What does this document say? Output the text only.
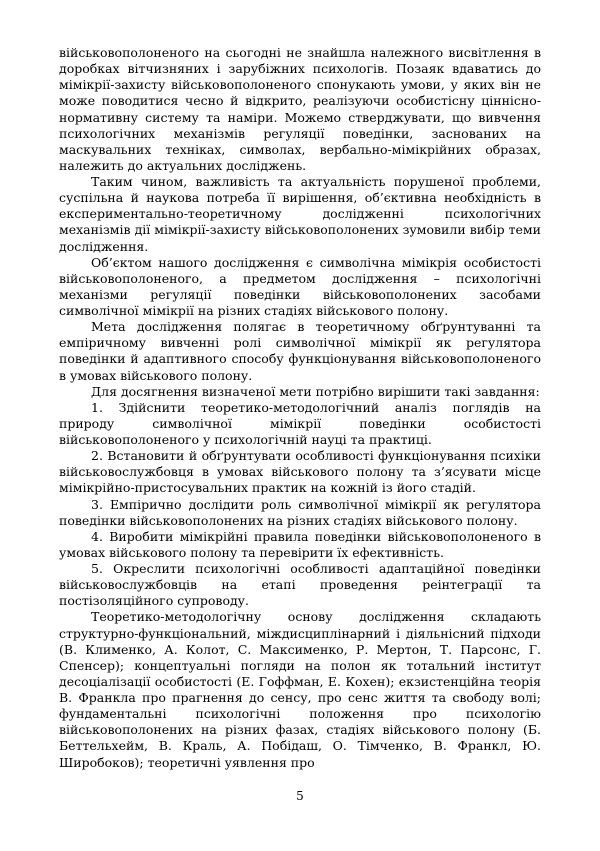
військовополоненого на сьогодні не знайшла належного висвітлення в доробках вітчизняних і зарубіжних психологів. Позаяк вдаватись до мімікрії-захисту військовополоненого спонукають умови, у яких він не може поводитися чесно й відкрито, реалізуючи особистісну ціннісно-нормативну систему та наміри. Можемо стверджувати, що вивчення психологічних механізмів регуляції поведінки, заснованих на маскувальних техніках, символах, вербально-мімікрійних образах, належить до актуальних досліджень.

Таким чином, важливість та актуальність порушеної проблеми, суспільна й наукова потреба її вирішення, об’єктивна необхідність в експериментально-теоретичному дослідженні психологічних механізмів дії мімікрії-захисту військовополонених зумовили вибір теми дослідження.

Об’єктом нашого дослідження є символічна мімікрія особистості військовополоненого, а предметом дослідження – психологічні механізми регуляції поведінки військовополонених засобами символічної мімікрії на різних стадіях військового полону.

Мета дослідження полягає в теоретичному обґрунтуванні та емпіричному вивченні ролі символічної мімікрії як регулятора поведінки й адаптивного способу функціонування військовополоненого в умовах військового полону.

Для досягнення визначеної мети потрібно вирішити такі завдання:

1. Здійснити теоретико-методологічний аналіз поглядів на природу символічної мімікрії поведінки особистості військовополоненого у психологічній науці та практиці.

2. Встановити й обґрунтувати особливості функціонування психіки військовослужбовця в умовах військового полону та з’ясувати місце мімікрійно-пристосувальних практик на кожній із його стадій.

3. Емпірично дослідити роль символічної мімікрії як регулятора поведінки військовополонених на різних стадіях військового полону.

4. Виробити мімікрійні правила поведінки військовополоненого в умовах військового полону та перевірити їх ефективність.

5. Окреслити психологічні особливості адаптаційної поведінки військовослужбовців на етапі проведення реінтеграції та постізоляційного супроводу.

Теоретико-методологічну основу дослідження складають структурно-функціональний, міждисциплінарний і діяльнісний підходи (В. Клименко, А. Колот, С. Максименко, Р. Мертон, Т. Парсонс, Г. Спенсер); концептуальні погляди на полон як тотальний інститут десоціалізації особистості (Е. Гоффман, Е. Кохен); екзистенційна теорія В. Франкла про прагнення до сенсу, про сенс життя та свободу волі; фундаментальні психологічні положення про психологію військовополонених на різних фазах, стадіях військового полону (Б. Беттельхейм, В. Краль, А. Побідаш, О. Тімченко, В. Франкл, Ю. Широбоков); теоретичні уявлення про

5
